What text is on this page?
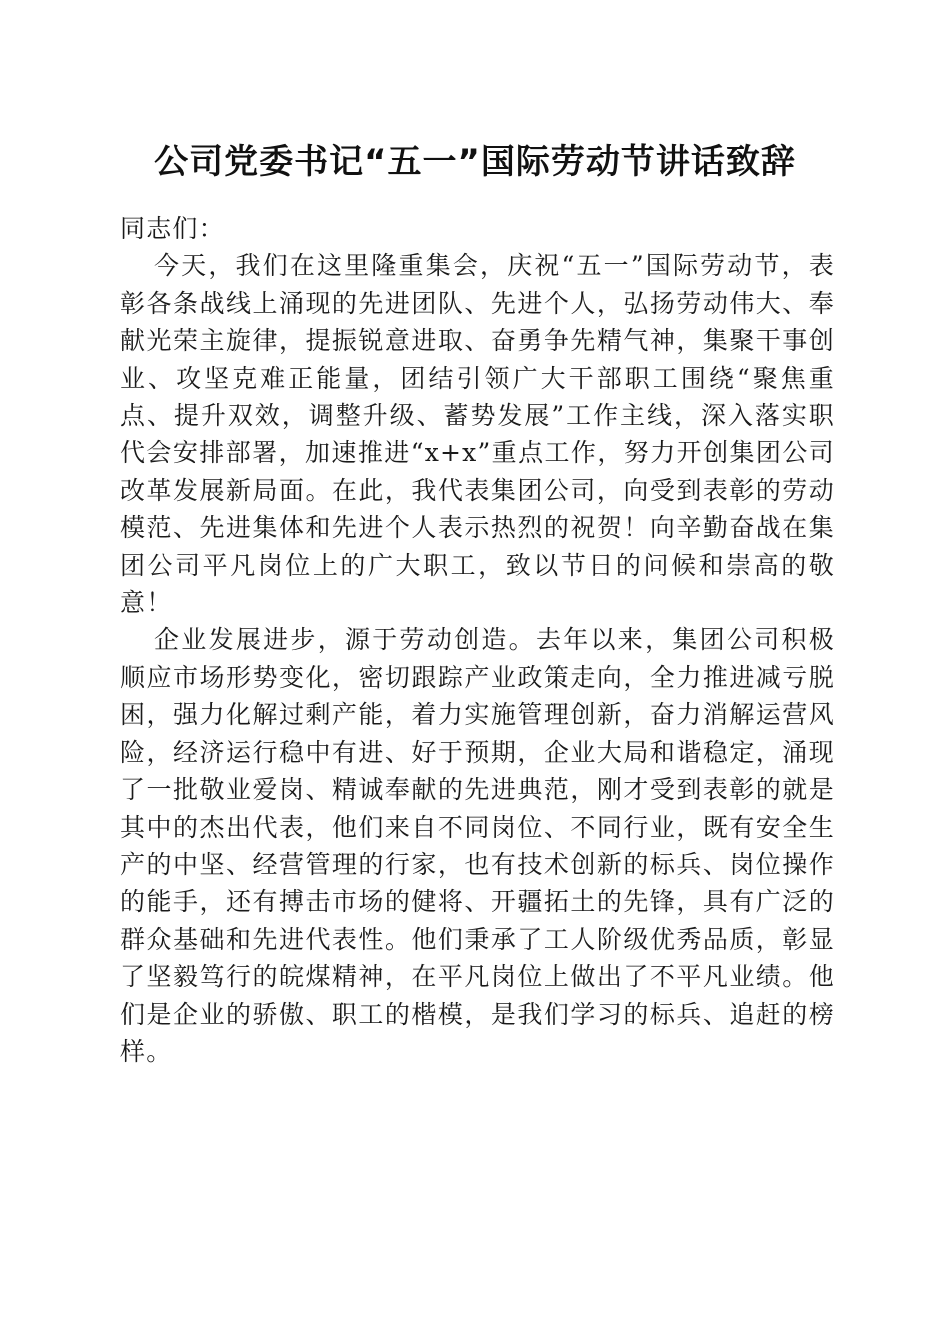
公司党委书记“五一”国际劳动节讲话致辞

同志们：

今天，我们在这里隆重集会，庆祝“五一”国际劳动节，表彰各条战线上涌现的先进团队、先进个人，弘扬劳动伟大、奉献光荣主旋律，提振锐意进取、奋勇争先精气神，集聚干事创业、攻坚克难正能量，团结引领广大干部职工围绕“聚焦重点、提升双效，调整升级、蓄势发展”工作主线，深入落实职代会安排部署，加速推进“x+x”重点工作，努力开创集团公司改革发展新局面。在此，我代表集团公司，向受到表彰的劳动模范、先进集体和先进个人表示热烈的祝贺！向辛勤奋战在集团公司平凡岗位上的广大职工，致以节日的问候和崇高的敬意！

企业发展进步，源于劳动创造。去年以来，集团公司积极顺应市场形势变化，密切跟踪产业政策走向，全力推进减亏脱困，强力化解过剩产能，着力实施管理创新，奋力消解运营风险，经济运行稳中有进、好于预期，企业大局和谐稳定，涌现了一批敬业爱岗、精诚奉献的先进典范，刚才受到表彰的就是其中的杰出代表，他们来自不同岗位、不同行业，既有安全生产的中坚、经营管理的行家，也有技术创新的标兵、岗位操作的能手，还有搏击市场的健将、开疆拓土的先锋，具有广泛的群众基础和先进代表性。他们秉承了工人阶级优秀品质，彰显了坚毅笃行的皖煤精神，在平凡岗位上做出了不平凡业绩。他们是企业的骄傲、职工的楷模，是我们学习的标兵、追赶的榜样。
